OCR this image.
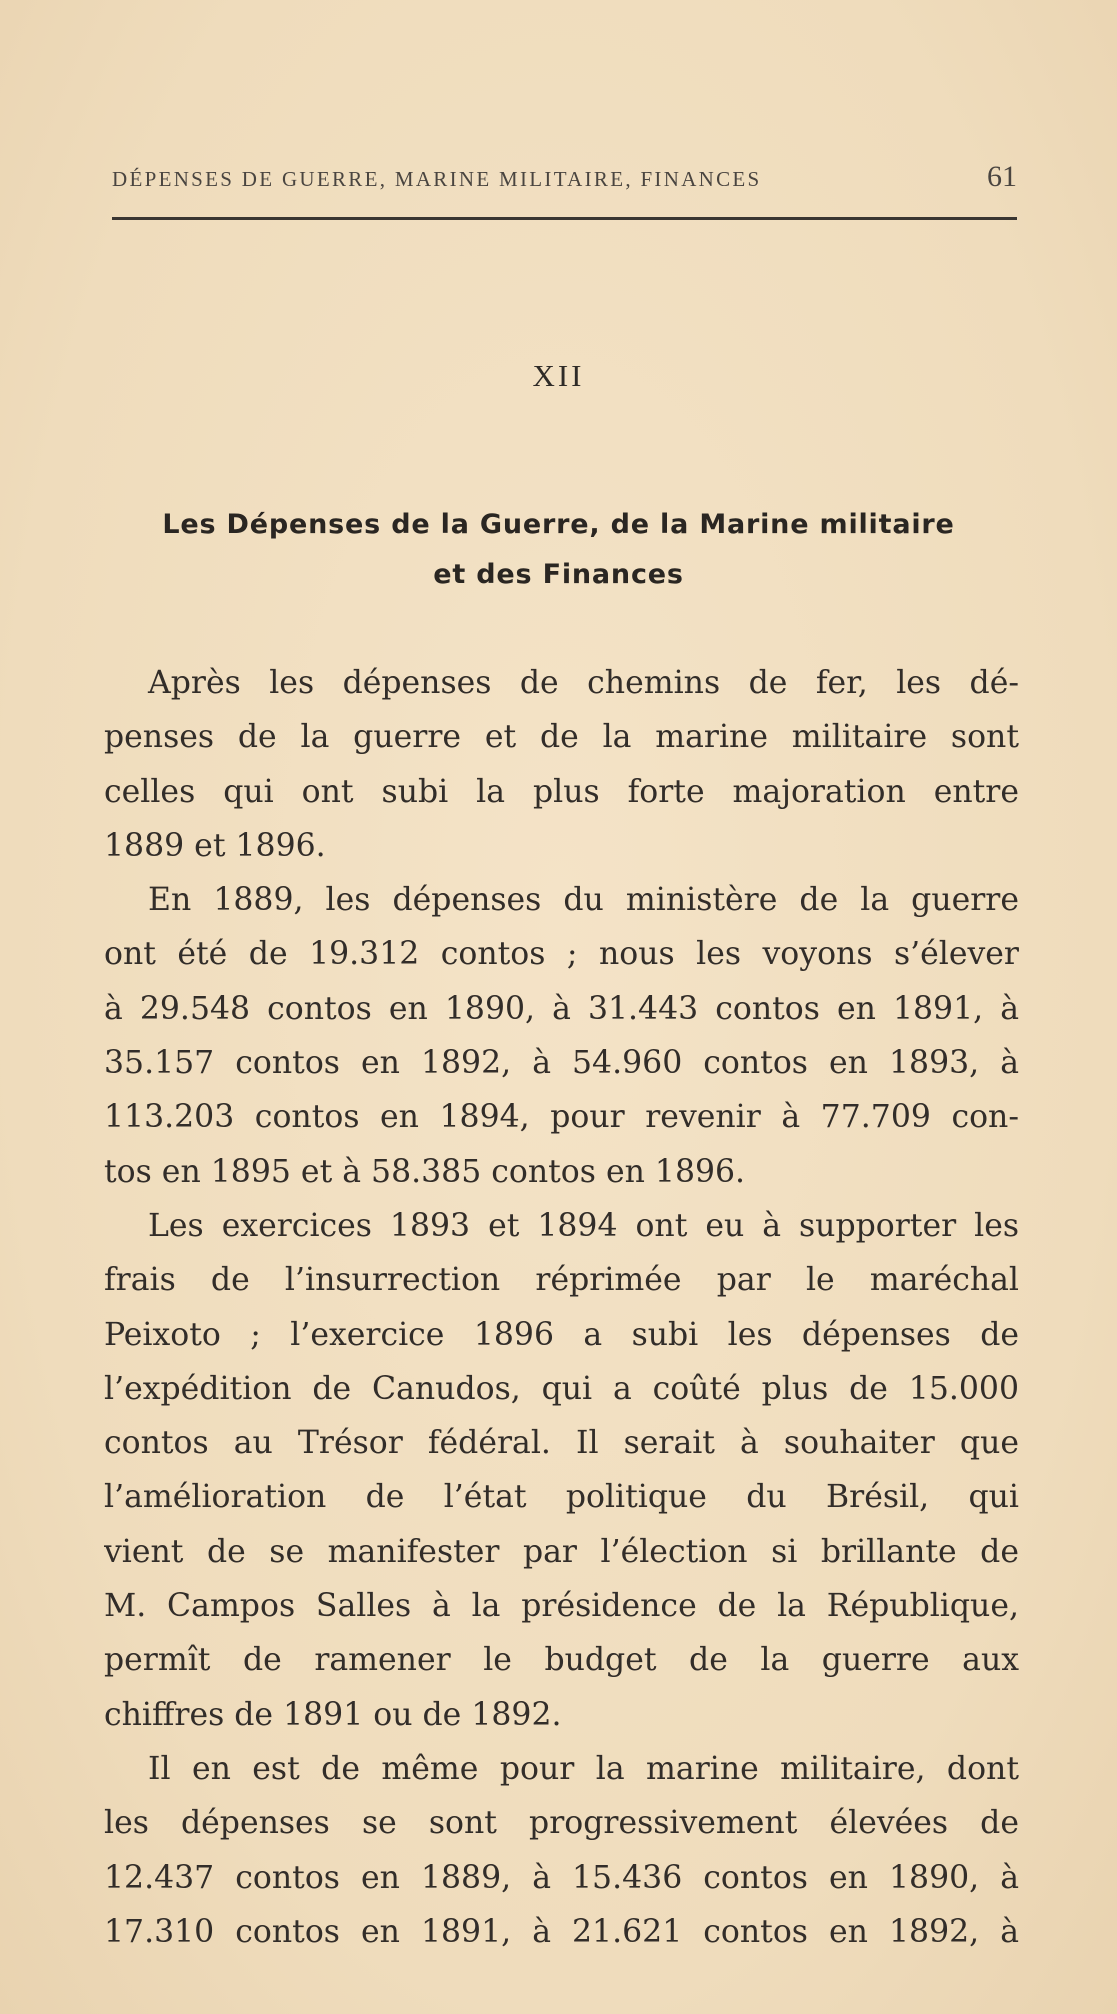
DÉPENSES DE GUERRE, MARINE MILITAIRE, FINANCES	61
XII
Les Dépenses de la Guerre, de la Marine militaire
et des Finances
Après les dépenses de chemins de fer, les dé-
penses de la guerre et de la marine militaire sont
celles qui ont subi la plus forte majoration entre
1889 et 1896.
En 1889, les dépenses du ministère de la guerre
ont été de 19.312 contos ; nous les voyons s’élever
à 29.548 contos en 1890, à 31.443 contos en 1891, à
35.157 contos en 1892, à 54.960 contos en 1893, à
113.203 contos en 1894, pour revenir à 77.709 con-
tos en 1895 et à 58.385 contos en 1896.
Les exercices 1893 et 1894 ont eu à supporter les
frais de l’insurrection réprimée par le maréchal
Peixoto ; l’exercice 1896 a subi les dépenses de
l’expédition de Canudos, qui a coûté plus de 15.000
contos au Trésor fédéral. Il serait à souhaiter que
l’amélioration de l’état politique du Brésil, qui
vient de se manifester par l’élection si brillante de
M. Campos Salles à la présidence de la République,
permît de ramener le budget de la guerre aux
chiffres de 1891 ou de 1892.
Il en est de même pour la marine militaire, dont
les dépenses se sont progressivement élevées de
12.437 contos en 1889, à 15.436 contos en 1890, à
17.310 contos en 1891, à 21.621 contos en 1892, à
